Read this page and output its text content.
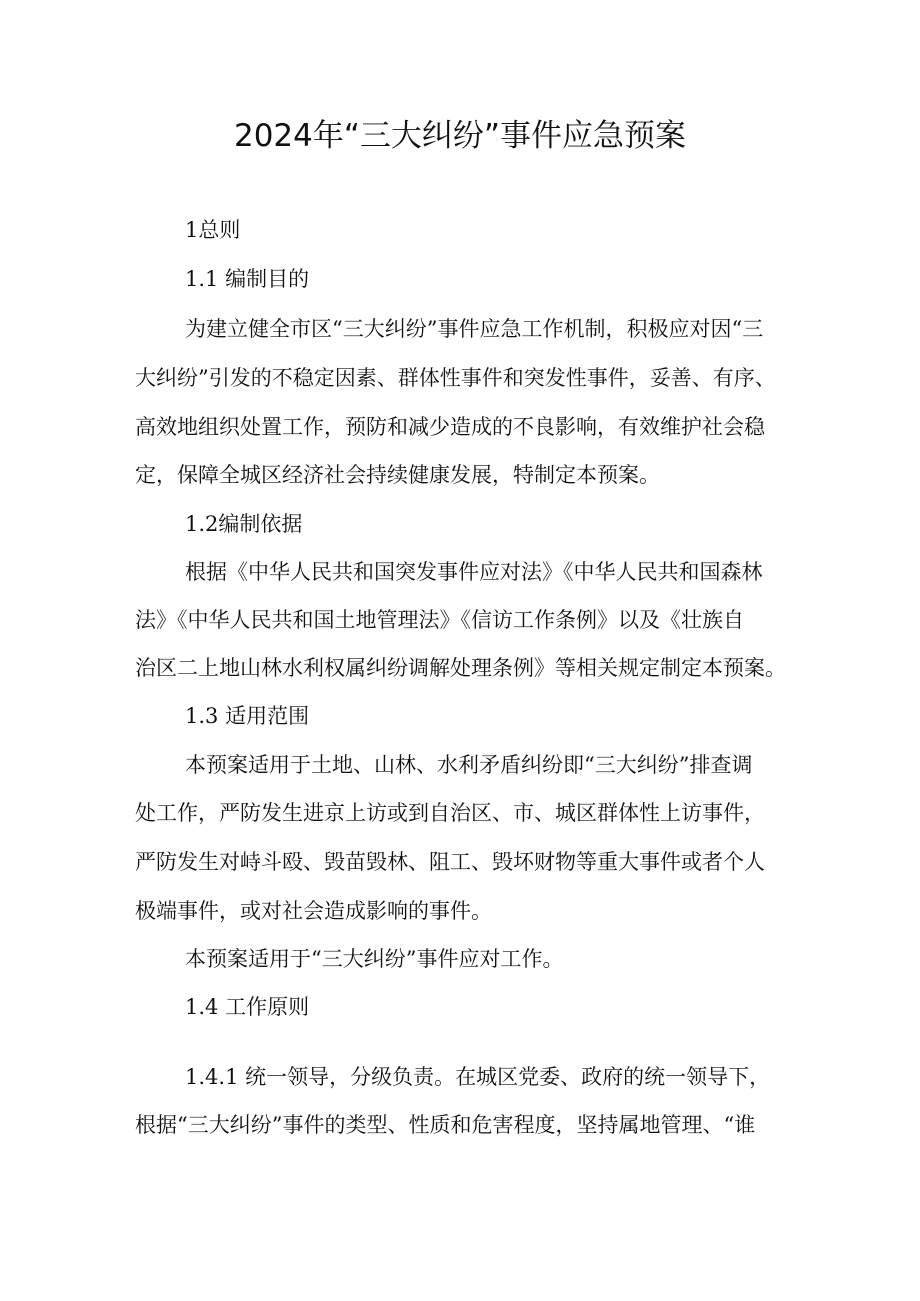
2024年“三大纠纷”事件应急预案
1总则
1.1 编制目的
为建立健全市区“三大纠纷”事件应急工作机制，积极应对因“三
大纠纷”引发的不稳定因素、群体性事件和突发性事件，妥善、有序、
高效地组织处置工作，预防和减少造成的不良影响，有效维护社会稳
定，保障全城区经济社会持续健康发展，特制定本预案。
1.2编制依据
根据《中华人民共和国突发事件应对法》《中华人民共和国森林
法》《中华人民共和国土地管理法》《信访工作条例》以及《壮族自
治区二上地山林水利权属纠纷调解处理条例》等相关规定制定本预案。
1.3 适用范围
本预案适用于土地、山林、水利矛盾纠纷即“三大纠纷”排查调
处工作，严防发生进京上访或到自治区、市、城区群体性上访事件，
严防发生对峙斗殴、毁苗毁林、阻工、毁坏财物等重大事件或者个人
极端事件，或对社会造成影响的事件。
本预案适用于“三大纠纷”事件应对工作。
1.4 工作原则
1.4.1 统一领导，分级负责。在城区党委、政府的统一领导下，
根据“三大纠纷”事件的类型、性质和危害程度，坚持属地管理、“谁
